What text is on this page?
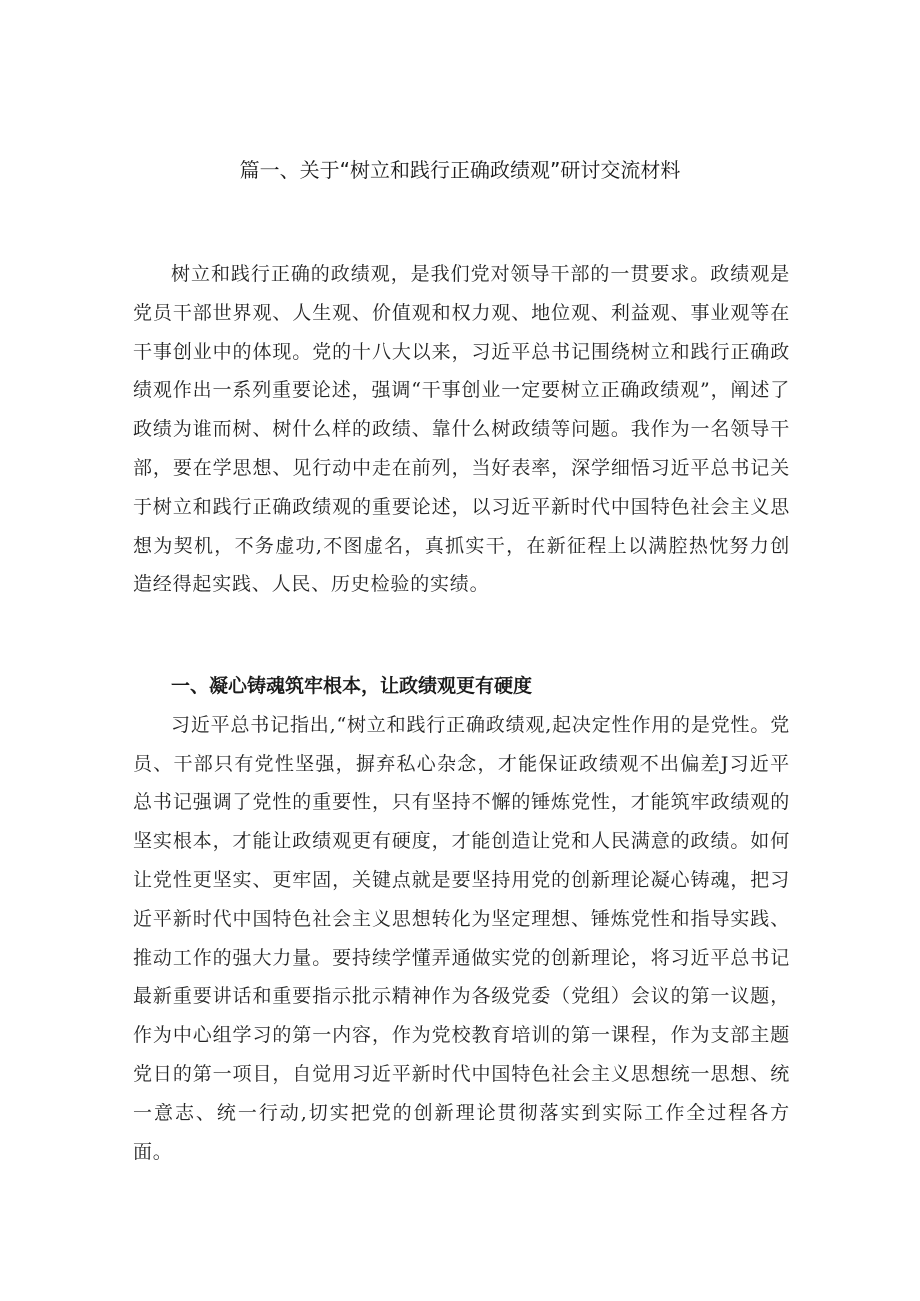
篇一、关于“树立和践行正确政绩观”研讨交流材料

树立和践行正确的政绩观，是我们党对领导干部的一贯要求。政绩观是党员干部世界观、人生观、价值观和权力观、地位观、利益观、事业观等在干事创业中的体现。党的十八大以来，习近平总书记围绕树立和践行正确政绩观作出一系列重要论述，强调“干事创业一定要树立正确政绩观”，阐述了政绩为谁而树、树什么样的政绩、靠什么树政绩等问题。我作为一名领导干部，要在学思想、见行动中走在前列，当好表率，深学细悟习近平总书记关于树立和践行正确政绩观的重要论述，以习近平新时代中国特色社会主义思想为契机，不务虚功,不图虚名，真抓实干，在新征程上以满腔热忱努力创造经得起实践、人民、历史检验的实绩。

一、凝心铸魂筑牢根本，让政绩观更有硬度

习近平总书记指出,“树立和践行正确政绩观,起决定性作用的是党性。党员、干部只有党性坚强，摒弃私心杂念，才能保证政绩观不出偏差J习近平总书记强调了党性的重要性，只有坚持不懈的锤炼党性，才能筑牢政绩观的坚实根本，才能让政绩观更有硬度，才能创造让党和人民满意的政绩。如何让党性更坚实、更牢固，关键点就是要坚持用党的创新理论凝心铸魂，把习近平新时代中国特色社会主义思想转化为坚定理想、锤炼党性和指导实践、推动工作的强大力量。要持续学懂弄通做实党的创新理论，将习近平总书记最新重要讲话和重要指示批示精神作为各级党委（党组）会议的第一议题，作为中心组学习的第一内容，作为党校教育培训的第一课程，作为支部主题党日的第一项目，自觉用习近平新时代中国特色社会主义思想统一思想、统一意志、统一行动,切实把党的创新理论贯彻落实到实际工作全过程各方面。
